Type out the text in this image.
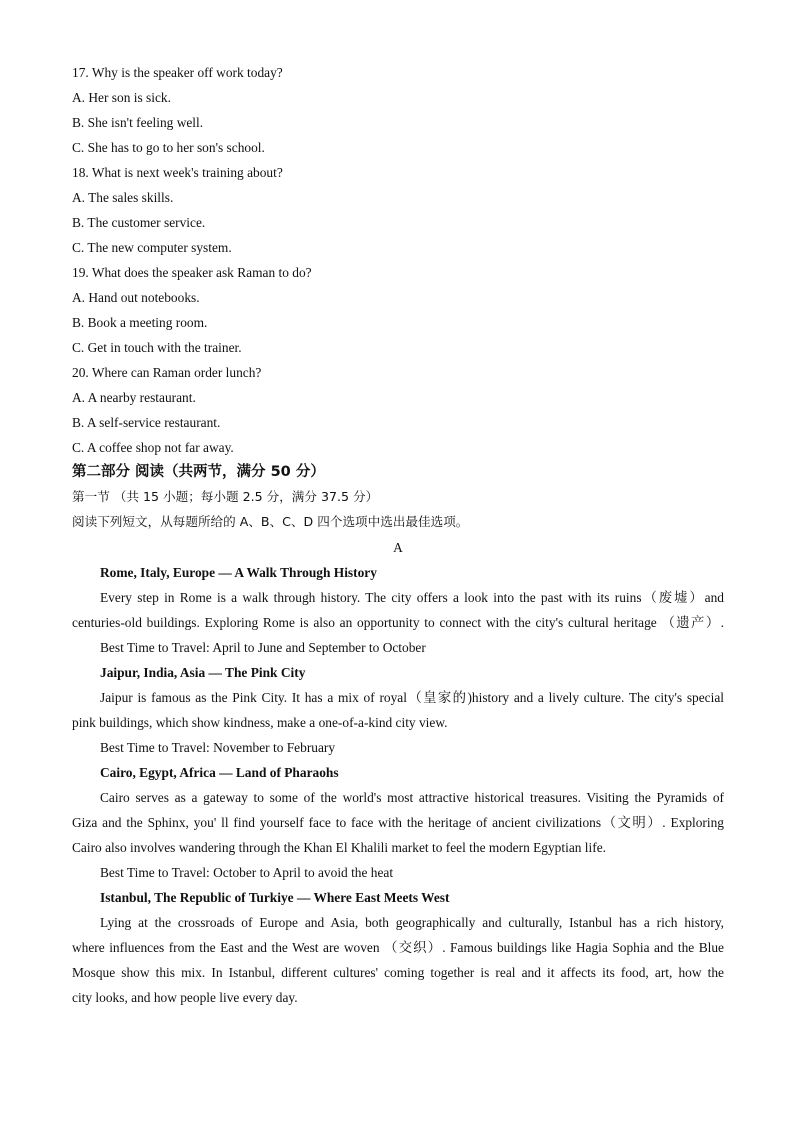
17. Why is the speaker off work today?
A. Her son is sick.
B. She isn't feeling well.
C. She has to go to her son's school.
18. What is next week's training about?
A. The sales skills.
B. The customer service.
C. The new computer system.
19. What does the speaker ask Raman to do?
A. Hand out notebooks.
B. Book a meeting room.
C. Get in touch with the trainer.
20. Where can Raman order lunch?
A. A nearby restaurant.
B. A self-service restaurant.
C. A coffee shop not far away.
第二部分 阅读（共两节，满分 50 分）
第一节 （共 15 小题；每小题 2.5 分，满分 37.5 分）
阅读下列短文，从每题所给的 A、B、C、D 四个选项中选出最佳选项。
A
Rome, Italy, Europe — A Walk Through History
Every step in Rome is a walk through history. The city offers a look into the past with its ruins（废墟）and
centuries-old buildings. Exploring Rome is also an opportunity to connect with the city's cultural heritage （遗产）.
Best Time to Travel: April to June and September to October
Jaipur, India, Asia — The Pink City
Jaipur is famous as the Pink City. It has a mix of royal（皇家的)history and a lively culture. The city's special
pink buildings, which show kindness, make a one-of-a-kind city view.
Best Time to Travel: November to February
Cairo, Egypt, Africa — Land of Pharaohs
Cairo serves as a gateway to some of the world's most attractive historical treasures. Visiting the Pyramids of
Giza and the Sphinx, you' ll find yourself face to face with the heritage of ancient civilizations（文明）. Exploring
Cairo also involves wandering through the Khan El Khalili market to feel the modern Egyptian life.
Best Time to Travel: October to April to avoid the heat
Istanbul, The Republic of Turkiye — Where East Meets West
Lying at the crossroads of Europe and Asia, both geographically and culturally, Istanbul has a rich history,
where influences from the East and the West are woven （交织）. Famous buildings like Hagia Sophia and the Blue
Mosque show this mix. In Istanbul, different cultures' coming together is real and it affects its food, art, how the
city looks, and how people live every day.
